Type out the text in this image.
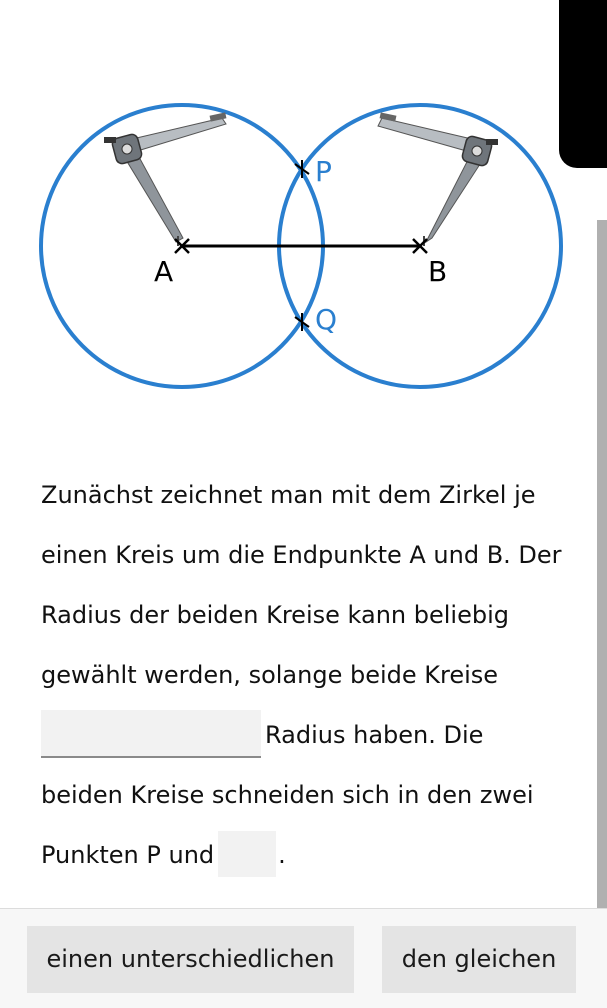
A	B
P
Q
Zunächst zeichnet man mit dem Zirkel je
einen Kreis um die Endpunkte A und B. Der
Radius der beiden Kreise kann beliebig
gewählt werden, solange beide Kreise
Radius haben. Die
beiden Kreise schneiden sich in den zwei
Punkten P und	.
einen unterschiedlichen	den gleichen
